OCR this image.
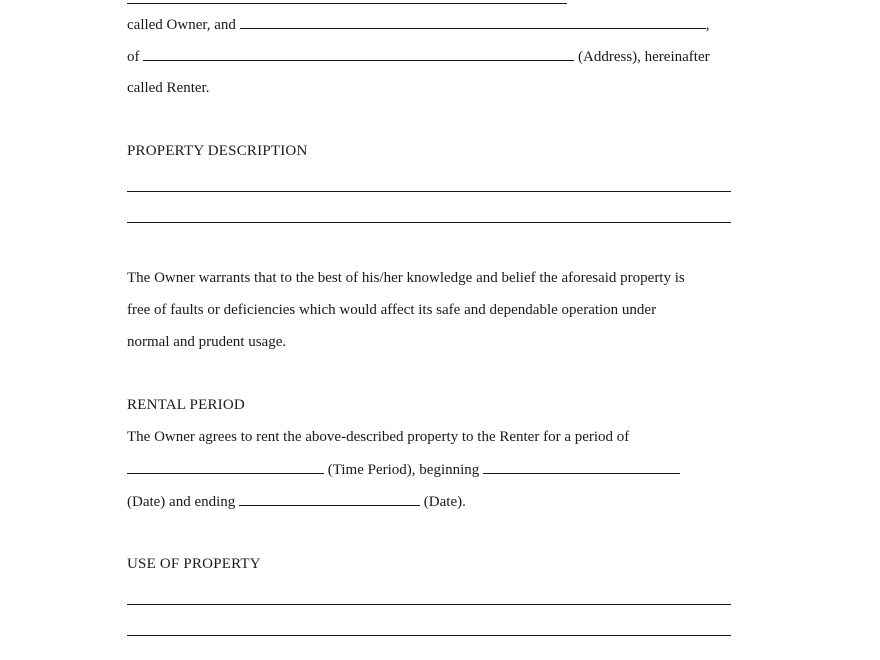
called Owner, and	,

of	(Address), hereinafter

called Renter.

PROPERTY DESCRIPTION

The Owner warrants that to the best of his/her knowledge and belief the aforesaid property is

free of faults or deficiencies which would affect its safe and dependable operation under

normal and prudent usage.

RENTAL PERIOD

The Owner agrees to rent the above-described property to the Renter for a period of

(Time Period), beginning

(Date) and ending	(Date).

USE OF PROPERTY
